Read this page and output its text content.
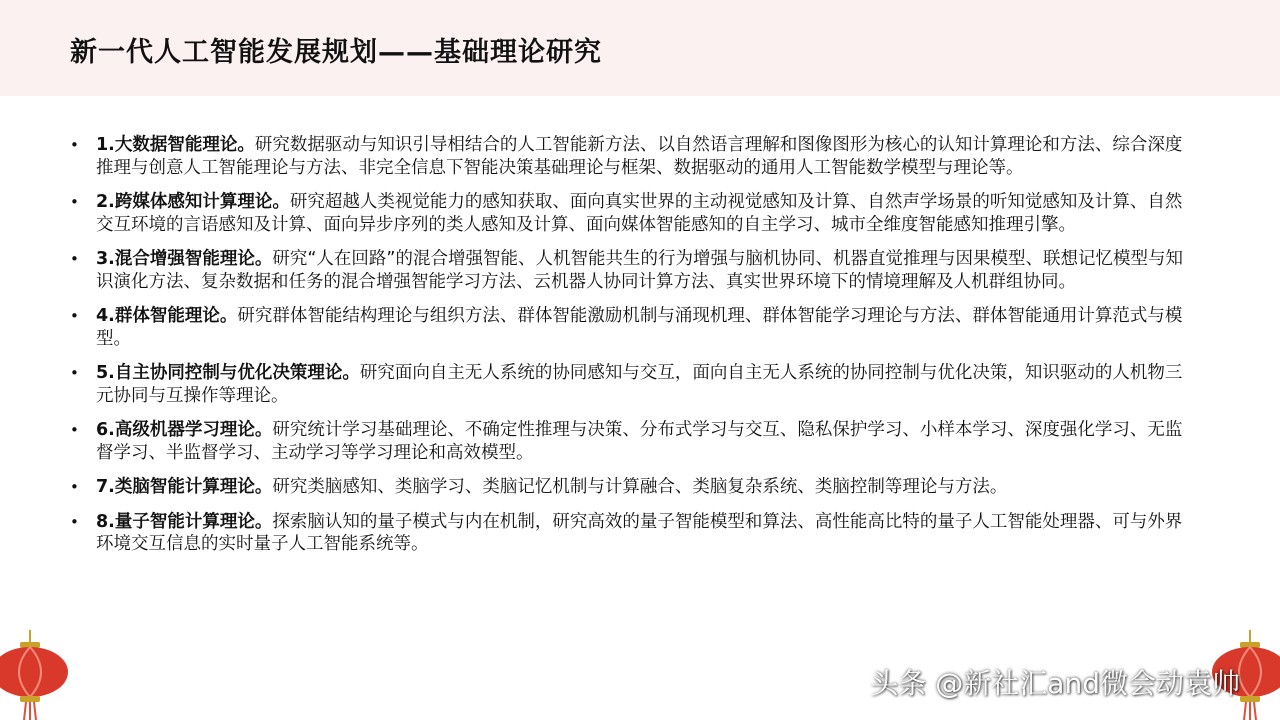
新一代人工智能发展规划——基础理论研究
• 1.大数据智能理论。研究数据驱动与知识引导相结合的人工智能新方法、以自然语言理解和图像图形为核心的认知计算理论和方法、综合深度推理与创意人工智能理论与方法、非完全信息下智能决策基础理论与框架、数据驱动的通用人工智能数学模型与理论等。
• 2.跨媒体感知计算理论。研究超越人类视觉能力的感知获取、面向真实世界的主动视觉感知及计算、自然声学场景的听知觉感知及计算、自然交互环境的言语感知及计算、面向异步序列的类人感知及计算、面向媒体智能感知的自主学习、城市全维度智能感知推理引擎。
• 3.混合增强智能理论。研究“人在回路”的混合增强智能、人机智能共生的行为增强与脑机协同、机器直觉推理与因果模型、联想记忆模型与知识演化方法、复杂数据和任务的混合增强智能学习方法、云机器人协同计算方法、真实世界环境下的情境理解及人机群组协同。
• 4.群体智能理论。研究群体智能结构理论与组织方法、群体智能激励机制与涌现机理、群体智能学习理论与方法、群体智能通用计算范式与模型。
• 5.自主协同控制与优化决策理论。研究面向自主无人系统的协同感知与交互，面向自主无人系统的协同控制与优化决策，知识驱动的人机物三元协同与互操作等理论。
• 6.高级机器学习理论。研究统计学习基础理论、不确定性推理与决策、分布式学习与交互、隐私保护学习、小样本学习、深度强化学习、无监督学习、半监督学习、主动学习等学习理论和高效模型。
• 7.类脑智能计算理论。研究类脑感知、类脑学习、类脑记忆机制与计算融合、类脑复杂系统、类脑控制等理论与方法。
• 8.量子智能计算理论。探索脑认知的量子模式与内在机制，研究高效的量子智能模型和算法、高性能高比特的量子人工智能处理器、可与外界环境交互信息的实时量子人工智能系统等。
头条 @新社汇and微会动袁帅
